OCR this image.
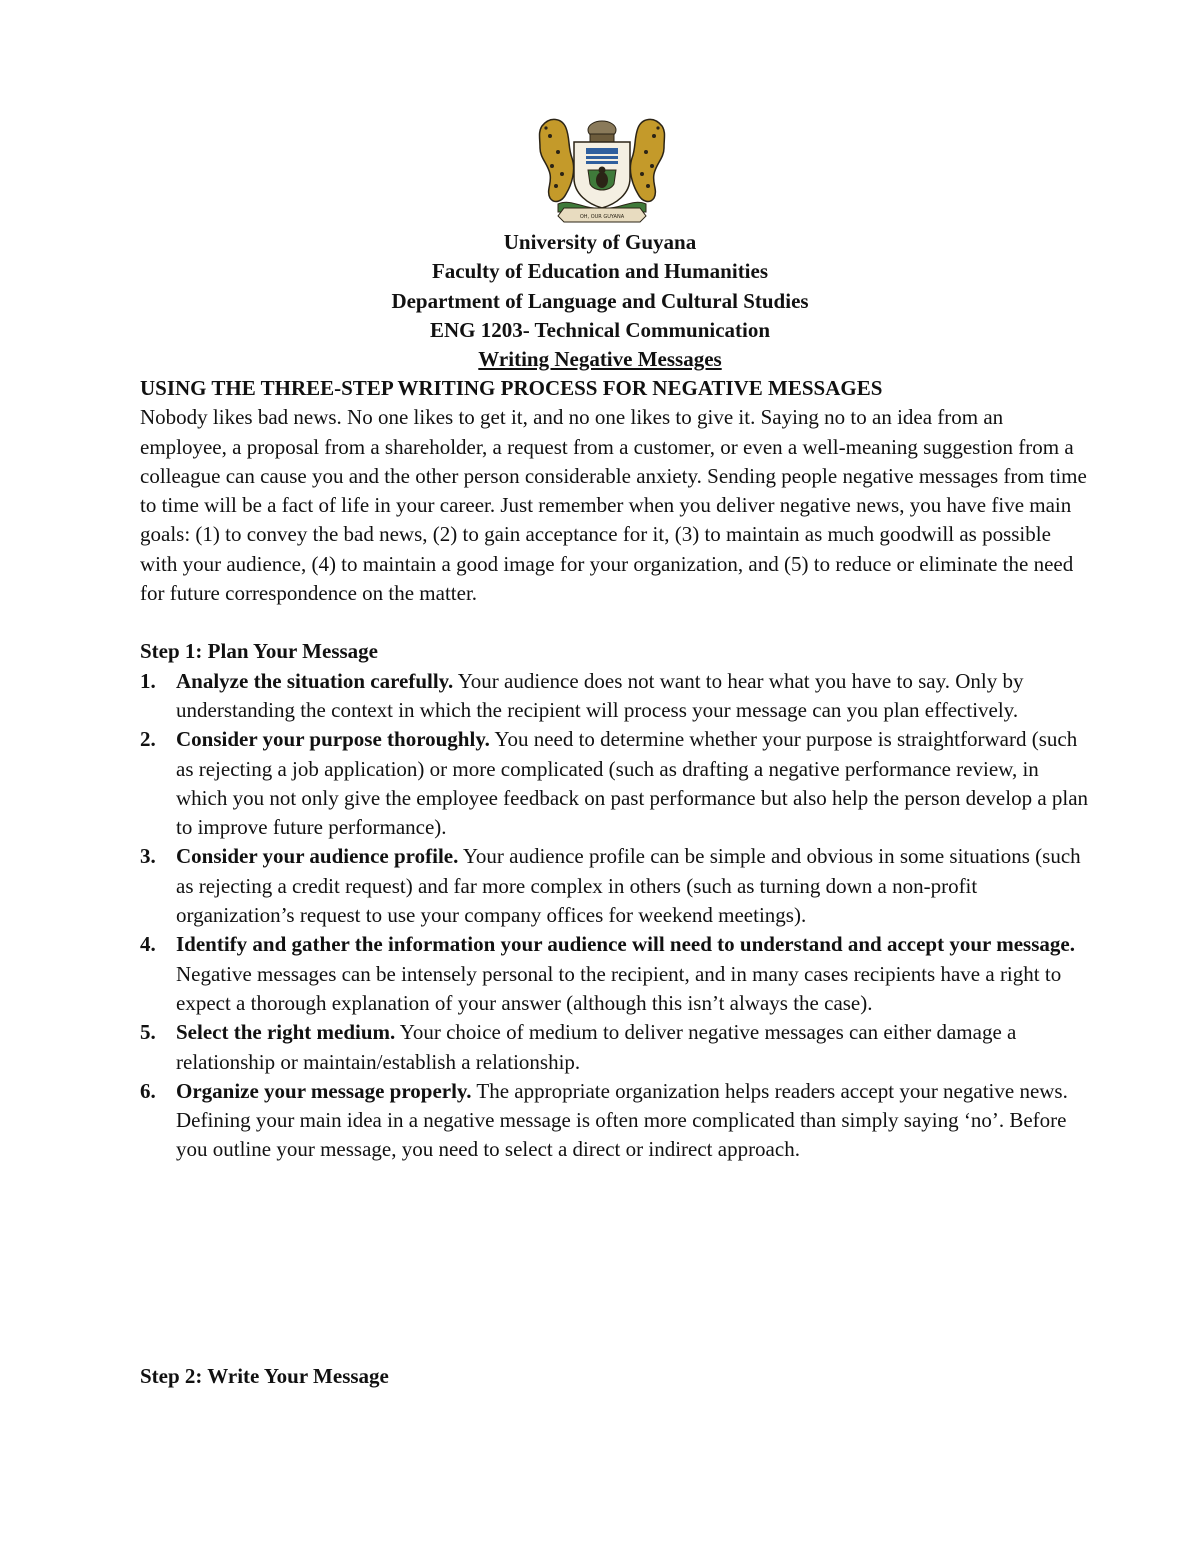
OH, OUR GUYANA
University of Guyana
Faculty of Education and Humanities
Department of Language and Cultural Studies
ENG 1203- Technical Communication
Writing Negative Messages
USING THE THREE-STEP WRITING PROCESS FOR NEGATIVE MESSAGES

Nobody likes bad news. No one likes to get it, and no one likes to give it. Saying no to an idea from an employee, a proposal from a shareholder, a request from a customer, or even a well-meaning suggestion from a colleague can cause you and the other person considerable anxiety. Sending people negative messages from time to time will be a fact of life in your career. Just remember when you deliver negative news, you have five main goals: (1) to convey the bad news, (2) to gain acceptance for it, (3) to maintain as much goodwill as possible with your audience, (4) to maintain a good image for your organization, and (5) to reduce or eliminate the need for future correspondence on the matter.

Step 1: Plan Your Message
1. Analyze the situation carefully. Your audience does not want to hear what you have to say. Only by understanding the context in which the recipient will process your message can you plan effectively.
2. Consider your purpose thoroughly. You need to determine whether your purpose is straightforward (such as rejecting a job application) or more complicated (such as drafting a negative performance review, in which you not only give the employee feedback on past performance but also help the person develop a plan to improve future performance).
3. Consider your audience profile. Your audience profile can be simple and obvious in some situations (such as rejecting a credit request) and far more complex in others (such as turning down a non-profit organization’s request to use your company offices for weekend meetings).
4. Identify and gather the information your audience will need to understand and accept your message. Negative messages can be intensely personal to the recipient, and in many cases recipients have a right to expect a thorough explanation of your answer (although this isn’t always the case).
5. Select the right medium. Your choice of medium to deliver negative messages can either damage a relationship or maintain/establish a relationship.
6. Organize your message properly. The appropriate organization helps readers accept your negative news. Defining your main idea in a negative message is often more complicated than simply saying ‘no’. Before you outline your message, you need to select a direct or indirect approach.
Step 2: Write Your Message
